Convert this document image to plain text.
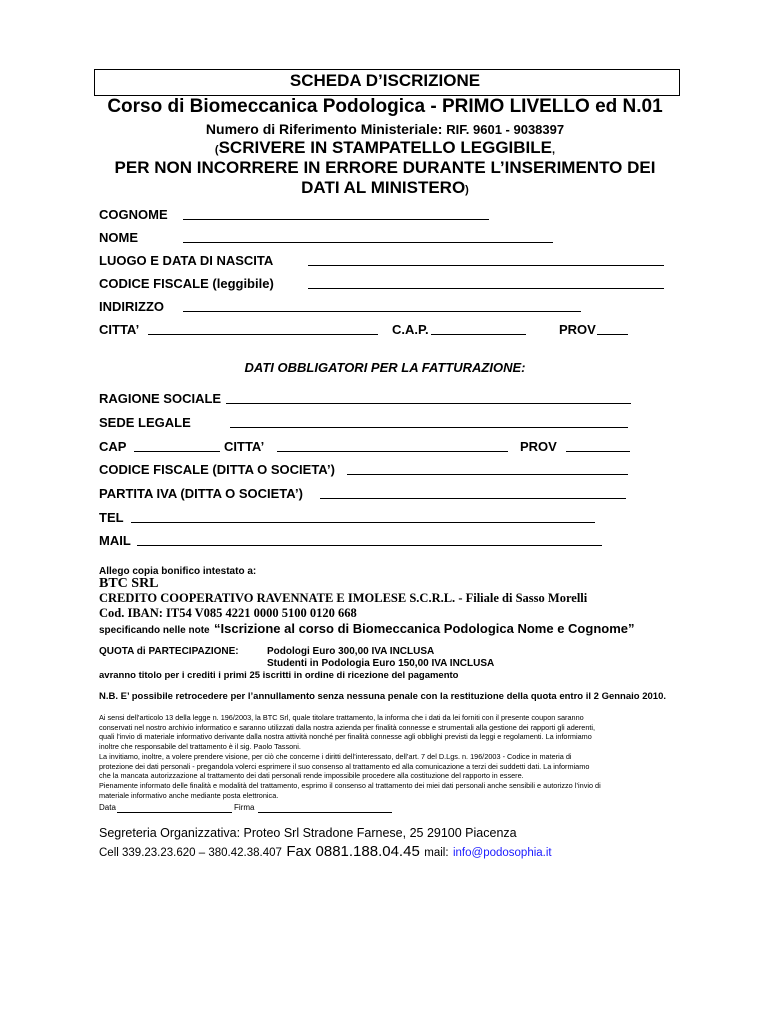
SCHEDA D’ISCRIZIONE
Corso di Biomeccanica Podologica - PRIMO LIVELLO ed N.01
Numero di Riferimento Ministeriale: RIF. 9601 - 9038397
(SCRIVERE IN STAMPATELLO LEGGIBILE,
PER NON INCORRERE IN ERRORE DURANTE L’INSERIMENTO DEI
DATI AL MINISTERO)
COGNOME
NOME
LUOGO E DATA DI NASCITA
CODICE FISCALE (leggibile)
INDIRIZZO
CITTA’	C.A.P.	PROV
DATI OBBLIGATORI PER LA FATTURAZIONE:
RAGIONE SOCIALE
SEDE LEGALE
CAP	CITTA’	PROV
CODICE FISCALE (DITTA O SOCIETA’)
PARTITA IVA (DITTA O SOCIETA’)
TEL
MAIL
Allego copia bonifico intestato a:
BTC SRL
CREDITO COOPERATIVO RAVENNATE E IMOLESE S.C.R.L. - Filiale di Sasso Morelli
Cod. IBAN: IT54 V085 4221 0000 5100 0120 668
specificando nelle note “Iscrizione al corso di Biomeccanica Podologica Nome e Cognome”
QUOTA di PARTECIPAZIONE:	Podologi Euro 300,00 IVA INCLUSA
Studenti in Podologia Euro 150,00 IVA INCLUSA
avranno titolo per i crediti i primi 25 iscritti in ordine di ricezione del pagamento
N.B. E’ possibile retrocedere per l’annullamento senza nessuna penale con la restituzione della quota entro il 2 Gennaio 2010.
Ai sensi dell’articolo 13 della legge n. 196/2003, la BTC Srl, quale titolare trattamento, la informa che i dati da lei forniti con il presente coupon saranno
conservati nel nostro archivio informatico e saranno utilizzati dalla nostra azienda per finalità connesse e strumentali alla gestione dei rapporti gli aderenti,
quali l’invio di materiale informativo derivante dalla nostra attività nonché per finalità connesse agli obblighi previsti da leggi e regolamenti. La informiamo
inoltre che responsabile del trattamento è il sig. Paolo Tassoni.
La invitiamo, inoltre, a volere prendere visione, per ciò che concerne i diritti dell’interessato, dell’art. 7 del D.Lgs. n. 196/2003 - Codice in materia di
protezione dei dati personali - pregandola volerci esprimere il suo consenso al trattamento ed alla comunicazione a terzi dei suddetti dati. La informiamo
che la mancata autorizzazione al trattamento dei dati personali rende impossibile procedere alla costituzione del rapporto in essere.
Pienamente informato delle finalità e modalità del trattamento, esprimo il consenso al trattamento dei miei dati personali anche sensibili e autorizzo l’invio di
materiale informativo anche mediante posta elettronica.
Data	Firma
Segreteria Organizzativa: Proteo Srl Stradone Farnese, 25 29100 Piacenza
Cell 339.23.23.620 – 380.42.38.407 Fax 0881.188.04.45 mail: info@podosophia.it
